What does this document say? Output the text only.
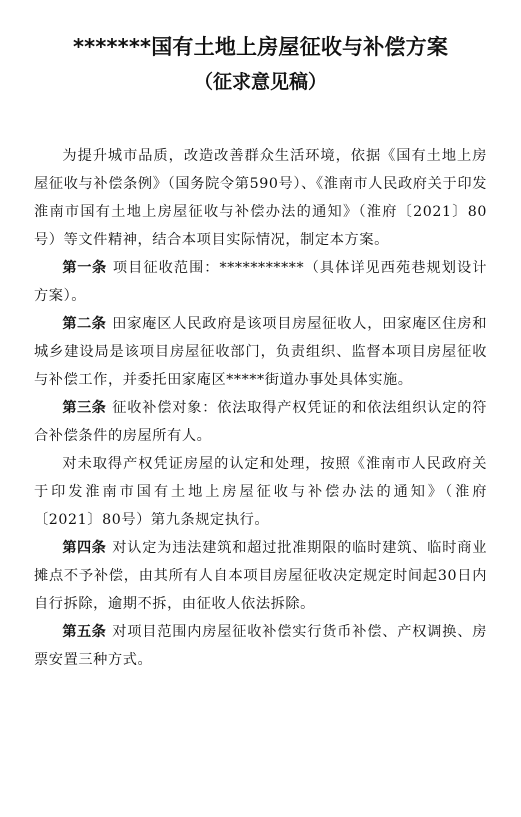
*******国有土地上房屋征收与补偿方案
（征求意见稿）

为提升城市品质，改造改善群众生活环境，依据《国有土地上房屋征收与补偿条例》（国务院令第590号）、《淮南市人民政府关于印发淮南市国有土地上房屋征收与补偿办法的通知》（淮府〔2021〕80号）等文件精神，结合本项目实际情况，制定本方案。

第一条 项目征收范围：***********（具体详见西苑巷规划设计方案）。

第二条 田家庵区人民政府是该项目房屋征收人，田家庵区住房和城乡建设局是该项目房屋征收部门，负责组织、监督本项目房屋征收与补偿工作，并委托田家庵区*****街道办事处具体实施。

第三条 征收补偿对象：依法取得产权凭证的和依法组织认定的符合补偿条件的房屋所有人。

对未取得产权凭证房屋的认定和处理，按照《淮南市人民政府关于印发淮南市国有土地上房屋征收与补偿办法的通知》（淮府〔2021〕80号）第九条规定执行。

第四条 对认定为违法建筑和超过批准期限的临时建筑、临时商业摊点不予补偿，由其所有人自本项目房屋征收决定规定时间起30日内自行拆除，逾期不拆，由征收人依法拆除。

第五条 对项目范围内房屋征收补偿实行货币补偿、产权调换、房票安置三种方式。
